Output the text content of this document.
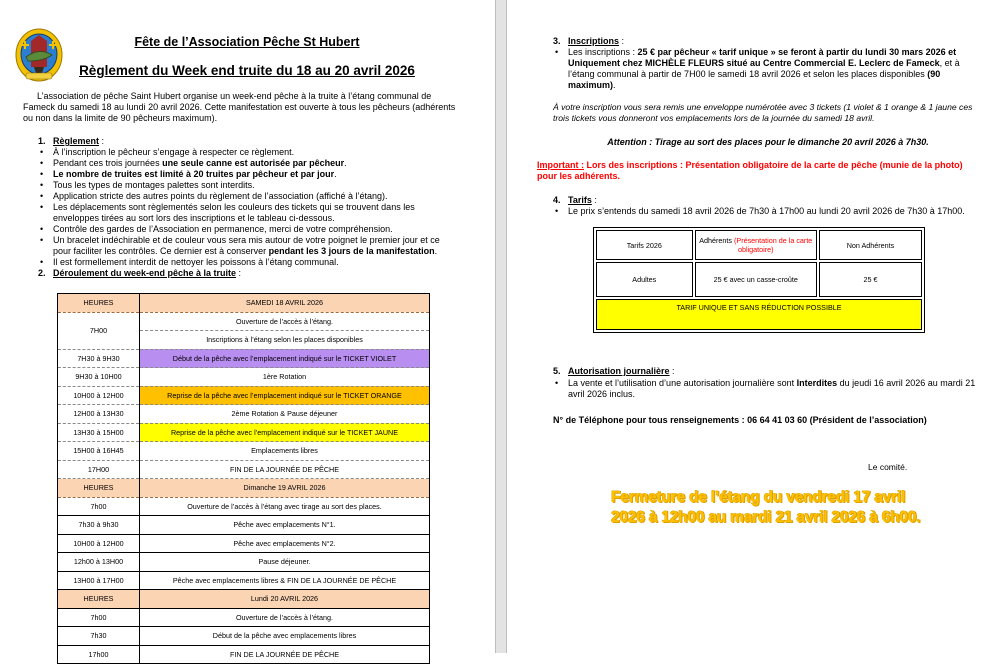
Fête de l’Association Pêche St Hubert
Règlement du Week end truite du 18 au 20 avril 2026
L’association de pêche Saint Hubert organise un week-end pêche à la truite à l’étang communal de Fameck du samedi 18 au lundi 20 avril 2026. Cette manifestation est ouverte à tous les pêcheurs (adhérents ou non dans la limite de 90 pêcheurs maximum).
1. Règlement :
• À l’inscription le pêcheur s’engage à respecter ce règlement.
• Pendant ces trois journées une seule canne est autorisée par pêcheur.
• Le nombre de truites est limité à 20 truites par pêcheur et par jour.
• Tous les types de montages palettes sont interdits.
• Application stricte des autres points du règlement de l’association (affiché à l’étang).
• Les déplacements sont règlementés selon les couleurs des tickets qui se trouvent dans les enveloppes tirées au sort lors des inscriptions et le tableau ci-dessous.
• Contrôle des gardes de l’Association en permanence, merci de votre compréhension.
• Un bracelet indéchirable et de couleur vous sera mis autour de votre poignet le premier jour et ce pour faciliter les contrôles. Ce dernier est à conserver pendant les 3 jours de la manifestation.
• Il est formellement interdit de nettoyer les poissons à l’étang communal.
2. Déroulement du week-end pêche à la truite :
HEURES	SAMEDI 18 AVRIL 2026
7H00	Ouverture de l’accès à l’étang.
	Inscriptions à l’étang selon les places disponibles
7H30 à 9H30	Début de la pêche avec l’emplacement indiqué sur le TICKET VIOLET
9H30 à 10H00	1ère Rotation
10H00 à 12H00	Reprise de la pêche avec l’emplacement indiqué sur le TICKET ORANGE
12H00 à 13H30	2ème Rotation & Pause déjeuner
13H30 à 15H00	Reprise de la pêche avec l’emplacement indiqué sur le TICKET JAUNE
15H00 à 16H45	Emplacements libres
17H00	FIN DE LA JOURNÉE DE PÊCHE
HEURES	Dimanche 19 AVRIL 2026
7h00	Ouverture de l’accès à l’étang avec tirage au sort des places.
7h30 à 9h30	Pêche avec emplacements N°1.
10H00 à 12H00	Pêche avec emplacements N°2.
12h00 à 13H00	Pause déjeuner.
13H00 à 17H00	Pêche avec emplacements libres & FIN DE LA JOURNÉE DE PÊCHE
HEURES	Lundi 20 AVRIL 2026
7h00	Ouverture de l’accès à l’étang.
7h30	Début de la pêche avec emplacements libres
17h00	FIN DE LA JOURNÉE DE PÊCHE
3. Inscriptions :
• Les inscriptions : 25 € par pêcheur « tarif unique » se feront à partir du lundi 30 mars 2026 et Uniquement chez MICHÈLE FLEURS situé au Centre Commercial E. Leclerc de Fameck, et à l’étang communal à partir de 7H00 le samedi 18 avril 2026 et selon les places disponibles (90 maximum).
À votre inscription vous sera remis une enveloppe numérotée avec 3 tickets (1 violet & 1 orange & 1 jaune ces trois tickets vous donneront vos emplacements lors de la journée du samedi 18 avril.
Attention : Tirage au sort des places pour le dimanche 20 avril 2026 à 7h30.
Important : Lors des inscriptions : Présentation obligatoire de la carte de pêche (munie de la photo) pour les adhérents.
4. Tarifs :
• Le prix s’entends du samedi 18 avril 2026 de 7h30 à 17h00 au lundi 20 avril 2026 de 7h30 à 17h00.
Tarifs 2026	Adhérents (Présentation de la carte obligatoire)	Non Adhérents
Adultes	25 € avec un casse-croûte	25 €
TARIF UNIQUE ET SANS RÉDUCTION POSSIBLE		
5. Autorisation journalière :
• La vente et l’utilisation d’une autorisation journalière sont Interdites du jeudi 16 avril 2026 au mardi 21 avril 2026 inclus.
N° de Téléphone pour tous renseignements : 06 64 41 03 60 (Président de l’association)
Le comité.
Fermeture de l’étang du vendredi 17 avril 2026 à 12h00 au mardi 21 avril 2026 à 6h00.
